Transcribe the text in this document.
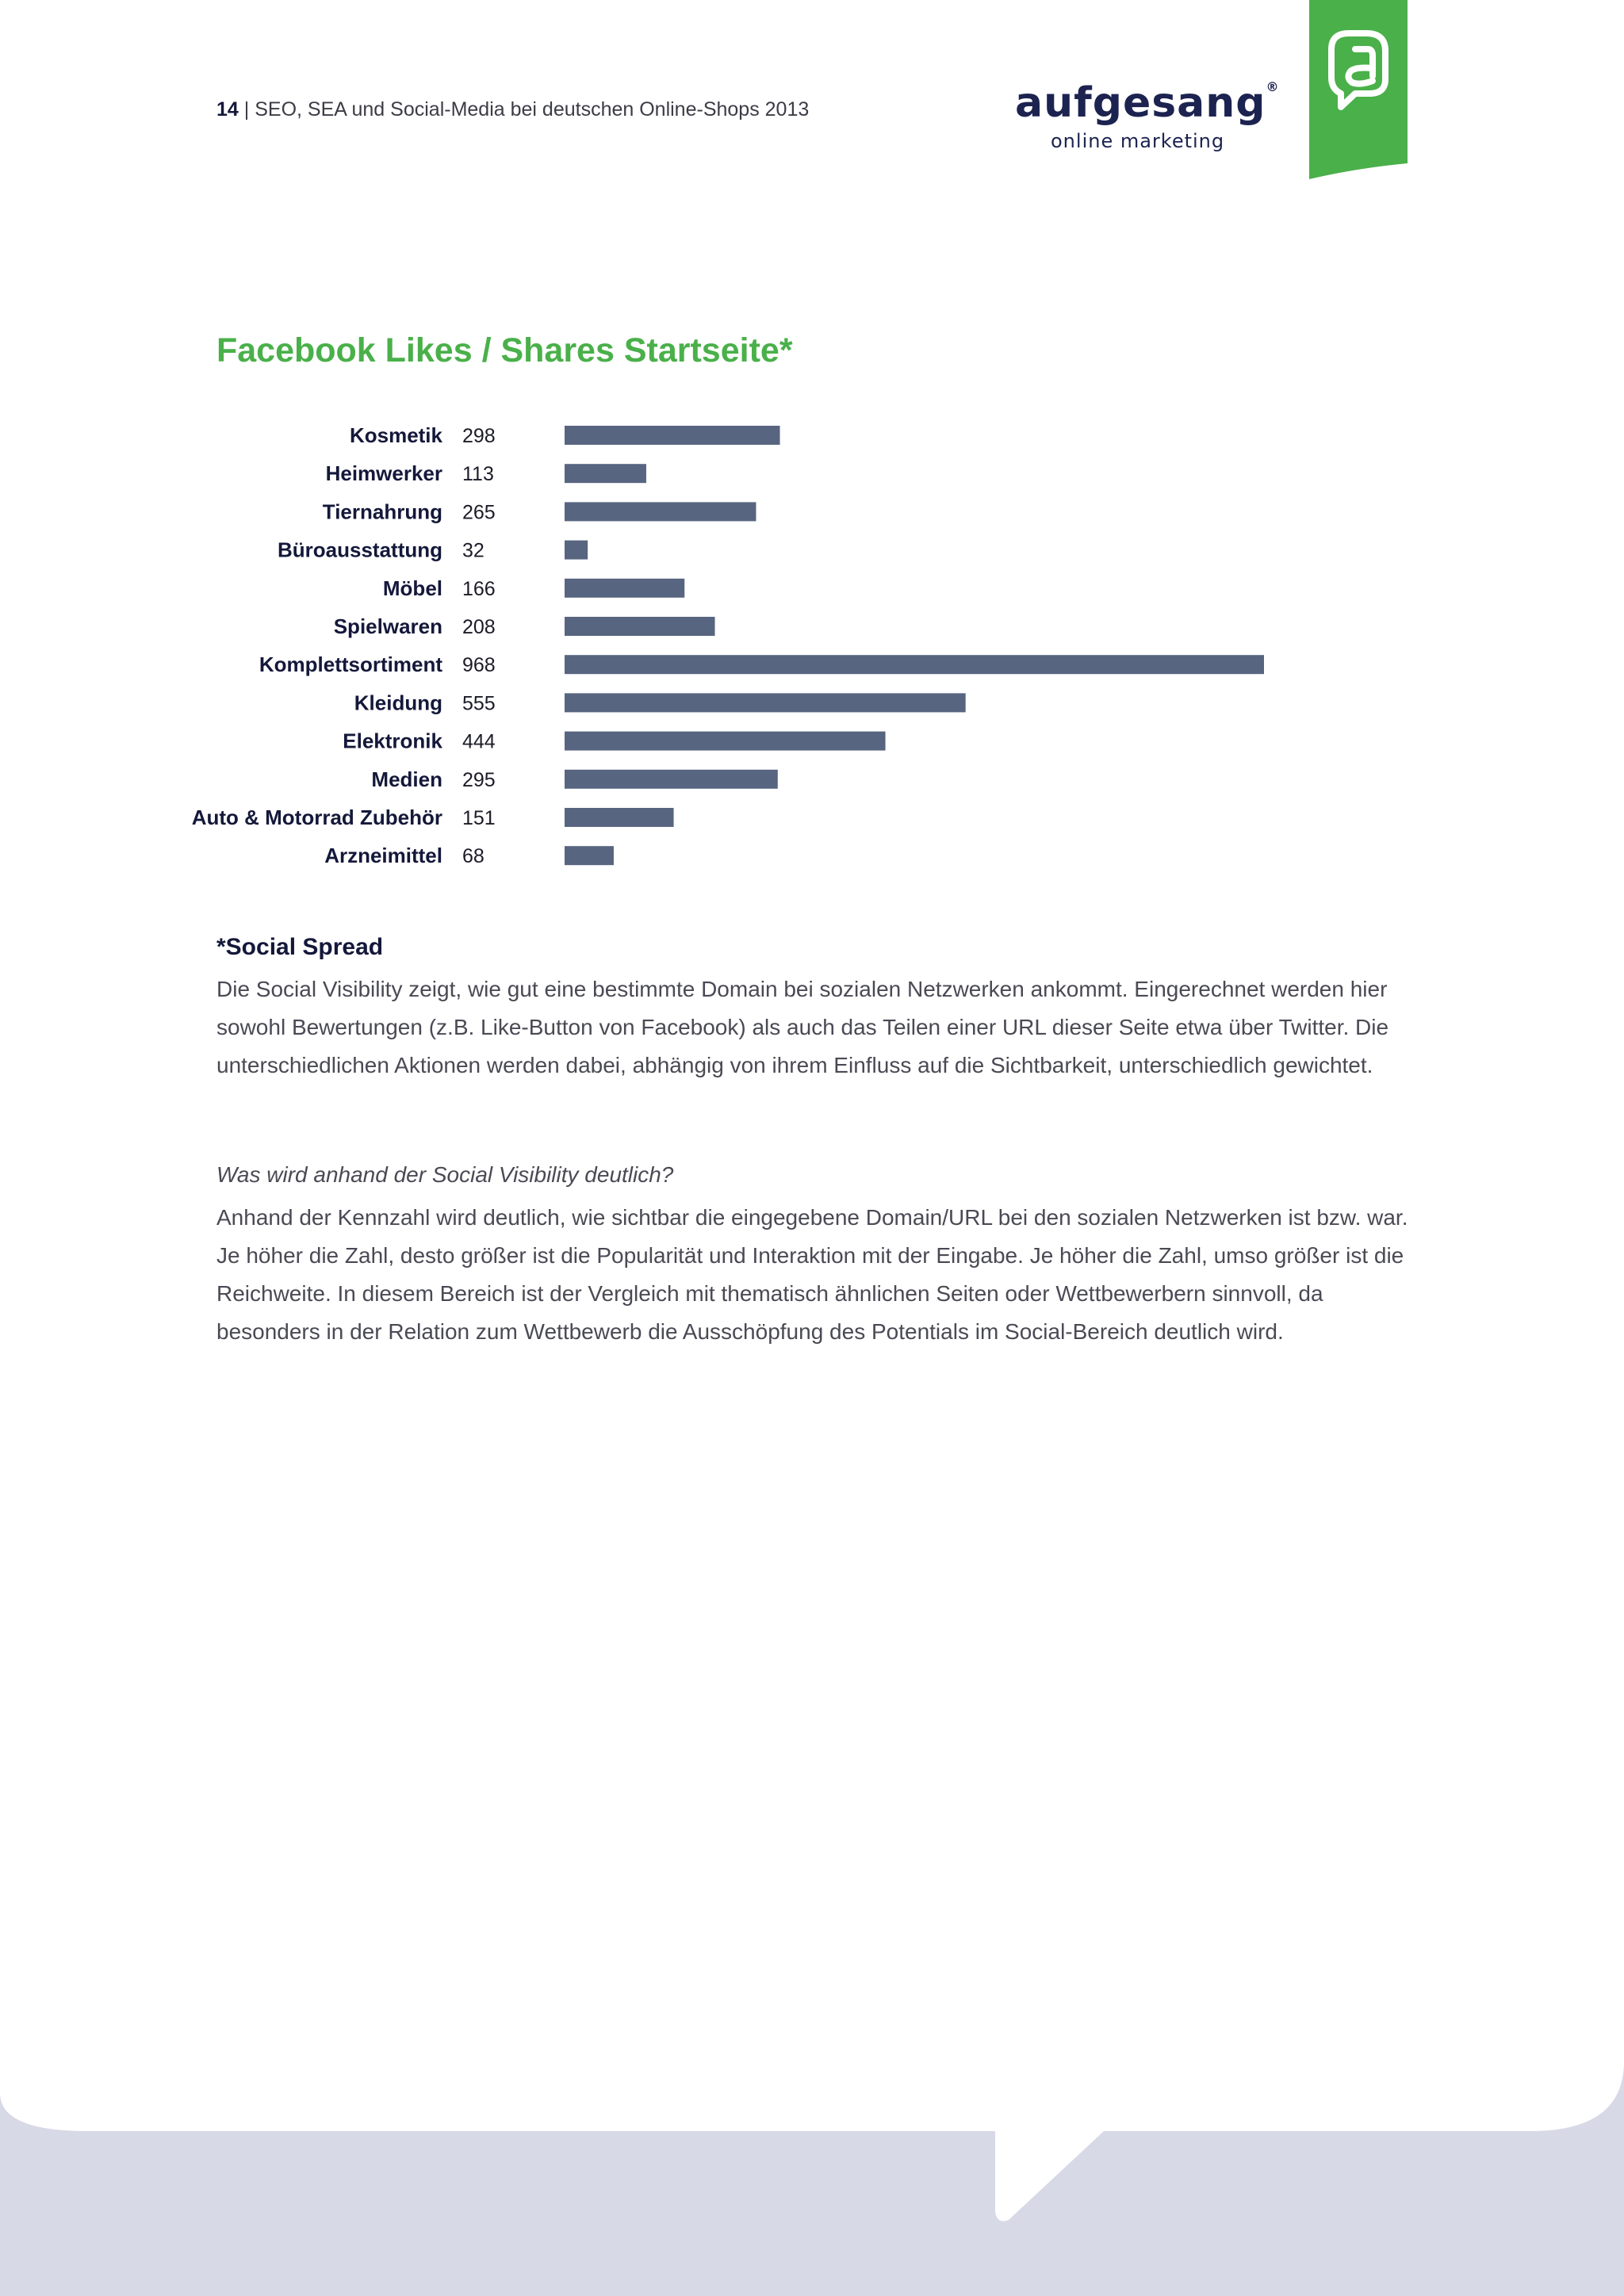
14 | SEO, SEA und Social-Media bei deutschen Online-Shops 2013	aufgesang®
online marketing
Facebook Likes / Shares Startseite*
Kosmetik 298
Heimwerker 113
Tiernahrung 265
Büroausstattung 32
Möbel 166
Spielwaren 208
Komplettsortiment 968
Kleidung 555
Elektronik 444
Medien 295
Auto & Motorrad Zubehör 151
Arzneimittel 68
*Social Spread

Die Social Visibility zeigt, wie gut eine bestimmte Domain bei sozialen Netzwerken ankommt. Eingerechnet werden hier sowohl Bewertungen (z.B. Like-Button von Facebook) als auch das Teilen einer URL dieser Seite etwa über Twitter. Die unterschiedlichen Aktionen werden dabei, abhängig von ihrem Einfluss auf die Sichtbarkeit, unterschiedlich gewichtet.

Was wird anhand der Social Visibility deutlich?

Anhand der Kennzahl wird deutlich, wie sichtbar die eingegebene Domain/URL bei den sozialen Netzwerken ist bzw. war. Je höher die Zahl, desto größer ist die Popularität und Interaktion mit der Eingabe. Je höher die Zahl, umso größer ist die Reichweite. In diesem Bereich ist der Vergleich mit thematisch ähnlichen Seiten oder Wettbewerbern sinnvoll, da besonders in der Relation zum Wettbewerb die Ausschöpfung des Potentials im Social-Bereich deutlich wird.
